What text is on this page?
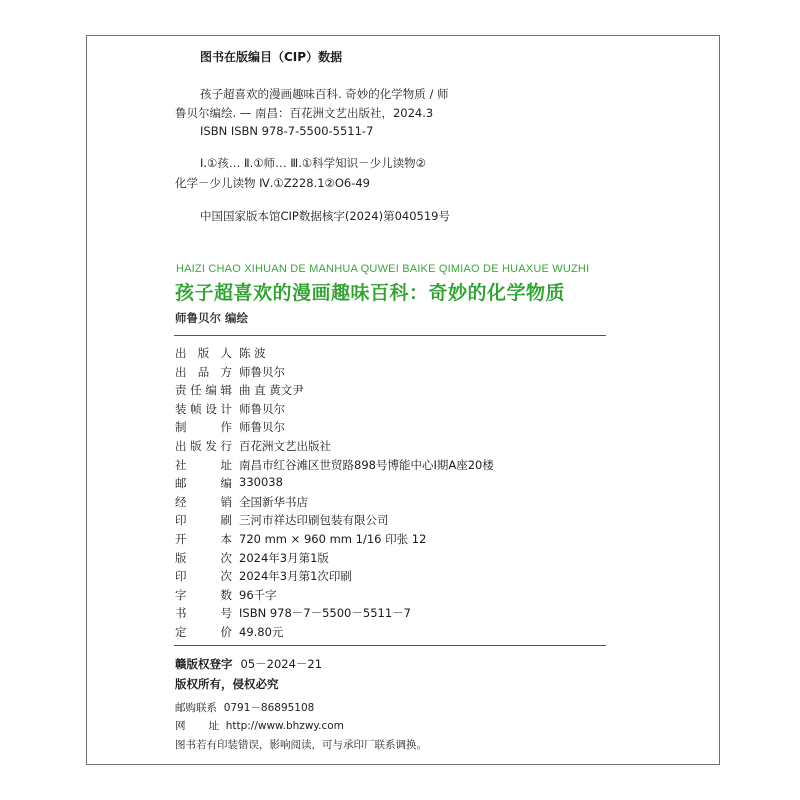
图书在版编目（CIP）数据
孩子超喜欢的漫画趣味百科. 奇妙的化学物质 / 师
鲁贝尔编绘. — 南昌：百花洲文艺出版社，2024.3
ISBN ISBN 978-7-5500-5511-7
Ⅰ.①孩… Ⅱ.①师… Ⅲ.①科学知识－少儿读物②
化学－少儿读物 Ⅳ.①Z228.1②O6-49
中国国家版本馆CIP数据核字(2024)第040519号
HAIZI CHAO XIHUAN DE MANHUA QUWEI BAIKE QIMIAO DE HUAXUE WUZHI
孩子超喜欢的漫画趣味百科：奇妙的化学物质
师鲁贝尔 编绘
出版人 陈 波
出品方 师鲁贝尔
责任编辑 曲 直 黄文尹
装帧设计 师鲁贝尔
制作 师鲁贝尔
出版发行 百花洲文艺出版社
社址 南昌市红谷滩区世贸路898号博能中心Ⅰ期A座20楼
邮编 330038
经销 全国新华书店
印刷 三河市祥达印刷包装有限公司
开本 720 mm × 960 mm 1/16 印张 12
版次 2024年3月第1版
印次 2024年3月第1次印刷
字数 96千字
书号 ISBN 978－7－5500－5511－7
定价 49.80元
赣版权登字 05－2024－21
版权所有，侵权必究
邮购联系 0791－86895108
网址 http://www.bhzwy.com
图书若有印装错误，影响阅读，可与承印厂联系调换。
